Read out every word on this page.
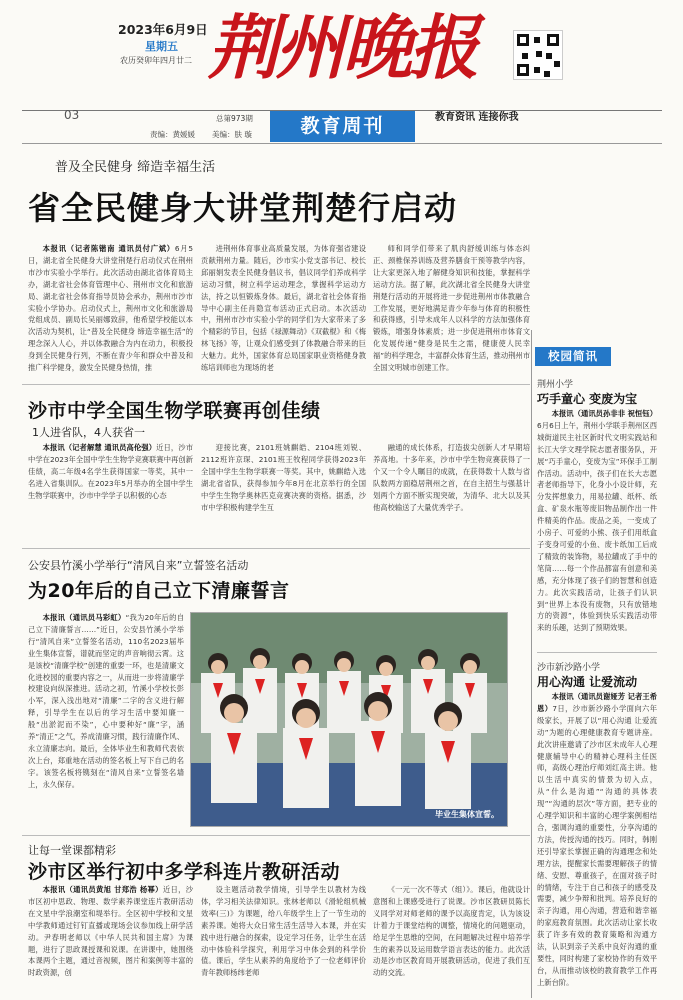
2023年6月9日
星期五
农历癸卯年四月廿二 荆州晚报
03	总第973期
责编：黄媛媛 美编：肤 璇	教育周刊	教育资讯 连接你我
普及全民健身 缔造幸福生活
省全民健身大讲堂荆楚行启动

本报讯（记者陈锴南 通讯员付广斌）6月5日，湖北省全民健身大讲堂荆楚行启动仪式在荆州市沙市实验小学举行。此次活动由湖北省体育局主办，湖北省社会体育管理中心、荆州市文化和旅游局、湖北省社会体育指导员协会承办，荆州市沙市实验小学协办。启动仪式上，荆州市文化和旅游局党组成员、副局长吴丽娜致辞，他希望学校能以本次活动为契机，让“普及全民健身 缔造幸福生活”的理念深入人心，并以体教融合为内在动力，积极投身到全民健身行列，不断在青少年和群众中普及和推广科学健身，激发全民健身热情，推

进荆州体育事业高质量发展，为体育强省建设贡献荆州力量。随后，沙市实小党支部书记、校长邱丽娟发表全民健身倡议书，倡议同学们养成科学运动习惯，树立科学运动理念，掌握科学运动方法，持之以恒锻炼身体。最后，湖北省社会体育指导中心副主任肖隐宣布活动正式启动。本次活动中，荆州市沙市实验小学的同学们为大家带来了多个精彩的节目，包括《禄源舞动》《双截棍》和《梅林飞扬》等，让观众们感受到了体教融合带来的巨大魅力。此外，国家体育总局国家职业资格健身教练培训师也为现场的老

师和同学们带来了肌肉舒缓训练与体态纠正、颈椎保养训练及营养膳食干预等教学内容，让大家更深入地了解健身知识和技能，掌握科学运动方法。据了解，此次湖北省全民健身大讲堂荆楚行活动的开展将进一步促进荆州市体教融合工作发展，更好地满足青少年参与体育的积极性和获得感，引导未成年人以科学的方法加强体育锻炼，增强身体素质；进一步促进荆州市体育文化发展传递“健身是民生之需，健康使人民幸福”的科学理念，丰富群众体育生活，推动荆州市全国文明城市创建工作。

沙市中学全国生物学联赛再创佳绩
1人进省队，4人获省一

本报讯（记者解慧 通讯员高伦强）近日，沙市中学在2023年全国中学生生物学竞赛联赛中再创新佳绩，高二年级4名学生获得国家一等奖，其中一名进入省集训队。在2023年5月举办的全国中学生生物学联赛中，沙市中学学子以积极的心态

迎接比赛，2101班姚麒皓、2104班刘锐、2112班许京琛、2101班王牧程同学获得2023年全国中学生生物学联赛一等奖。其中，姚麒皓入选湖北省省队，获得参加今年8月在北京举行的全国中学生生物学奥林匹克竞赛决赛的资格。据悉，沙市中学积极构建学生互

融通的成长体系，打造拔尖创新人才早期培养高地。十多年来，沙市中学生物竞赛获得了一个又一个令人瞩目的成就，在获得数十人数与省队数两方面稳居荆州之首，在自主招生与强基计划两个方面不断实现突破，为清华、北大以及其他高校输送了大量优秀学子。

公安县竹溪小学举行“清风自来”立誓签名活动
为20年后的自己立下清廉誓言

本报讯（通讯员马彩虹）“我为20年后的自己立下清廉誓言……”近日，公安县竹溪小学举行“清风自来”立誓签名活动，110名2023届毕业生集体宣誓，谱就而坚定的声音响彻云霄。这是该校“清廉学校”创建的重要一环，也是清廉文化进校园的重要内容之一，从而进一步将清廉学校建设向纵深推进。活动之初，竹溪小学校长彭小军，深入浅出地对“清廉”二字的含义进行解释，引导学生在以后的学习生活中要知廉一般“出淤泥而不染”，心中要种好“廉”字，涵养“清正”之气，养成清廉习惯，践行清廉作风、永立清廉志向。最后，全体毕业生和教师代表依次上台，郑重地在活动的签名板上写下自己的名字。该签名板将镌刻在“清风自来”立誓签名墙上，永久保存。

毕业生集体宣誓。
让每一堂课都精彩
沙市区举行初中多学科连片教研活动

本报讯（通讯员黄旭 甘郑浩 杨幂）近日，沙市区初中思政、物理、数学素养课堂连片教研活动在文星中学浪潮室和堤举行。全区初中学校和文星中学教师通过钉钉直播或现场会议参加线上研学活动。尹春明老师以《中华人民共和国主席》为课题，进行了思政课授课和说课。在讲课中，她围绕本课两个主题，通过音视频，图片和案例等丰富的时政资源，创

设主题活动教学情境，引导学生以教材为线体，学习相关法律知识。张林老师以《滑轮组机械效率(三)》为课题，给八年级学生上了一节生动的素养课。她将大众日常生活生活导入本课，并在实践中进行融合的探索，设定学习任务，让学生在活动中体验科学探究，利用学习中体会到的科学价值。课后，学生从素养的角度给予了一位老师评价青年教师杨纬老师

《一元一次不等式（组）》。课后，他就设计意图和上课感受进行了说课。沙市区教研员陈长义同学对对师老师的课予以高度肯定，认为该设计着力于课堂结构的调整，情境化的问题驱动，给足学生思维的空间，在问题解决过程中培养学生的素养以及运用数学语言表达的能力。此次活动是沙市区教育局开展教研活动，促进了我们互动的交流。

校园简讯
荆州小学
巧手童心 变废为宝

本报讯（通讯员孙非非 祝恒钰）6月6日上午，荆州小学联手荆州区西城街道民主社区新时代文明实践站和长江大学文理学院志愿者服务队，开展“巧手童心，变废为宝”环保手工制作活动。活动中，孩子们在长大志愿者老师指导下，化身小小设计师，充分发挥想象力，用易拉罐、纸杯、纸盒、矿泉水瓶等废旧物品制作出一件件精美的作品。废品之美，一变成了小房子、可爱的小熊、孩子们用纸盒子变身可爱的小鱼、废卡纸加工后成了精致的装饰物，易拉罐成了手中的笔筒……每一个作品都富有创意和美感，充分体现了孩子们的智慧和创造力。此次实践活动，让孩子们认识到“世界上本没有废物，只有放错地方的资源”，体验到快乐实践活动带来的乐趣，达到了预期效果。

沙市新沙路小学
用心沟通 让爱流动

本报讯（通讯员谢娅芳 记者王希恩）7日，沙市新沙路小学面向六年级家长，开展了以“用心沟通 让爱流动”为题的心理健康教育专题讲座。此次讲座邀请了沙市区未成年人心理健康辅导中心的精神心理科主任医师，高级心理治疗师刘红高主讲。他以生活中真实的情景为切入点，从“什么是沟通”“沟通的具体表现”“沟通的层次”等方面，把专业的心理学知识和丰富的心理学案例相结合，强调沟通的重要性，分享沟通的方法，传授沟通的技巧。同时，韩刚还引导家长掌握正确的沟通理念和处理方法，提醒家长需要理解孩子的情绪、安慰、尊重孩子，在面对孩子时的情绪，专注于自己和孩子的感受及需要，减少争辩和批判。培养良好的亲子沟通，用心沟通，营造和谐幸福的家庭教育氛围。此次活动让家长收获了许多有效的教育策略和沟通方法，认识到亲子关系中良好沟通的重要性，同时构建了家校协作的有效平台，从而推动该校的教育教学工作再上新台阶。
